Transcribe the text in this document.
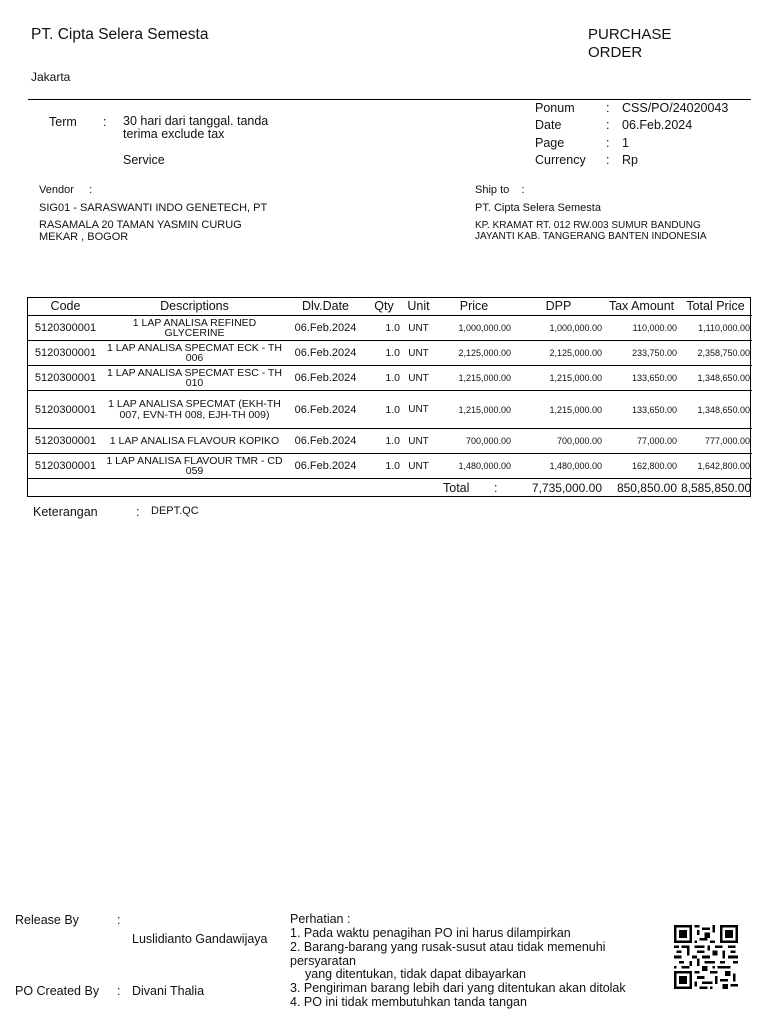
PT. Cipta Selera Semesta	PURCHASE ORDER
Jakarta
Term : 30 hari dari tanggal. tanda terima exclude tax
Service
Ponum	: CSS/PO/24020043
Date	: 06.Feb.2024
Page	: 1
Currency : Rp
Vendor     :
SIG01 - SARASWANTI INDO GENETECH, PT
RASAMALA 20 TAMAN YASMIN CURUG MEKAR , BOGOR
Ship to    :
PT. Cipta Selera Semesta
KP. KRAMAT RT. 012 RW.003 SUMUR BANDUNG JAYANTI KAB. TANGERANG BANTEN INDONESIA
Code	Descriptions	Dlv.Date	Qty	Unit	Price	DPP	Tax Amount	Total Price
5120300001	1 LAP ANALISA REFINED GLYCERINE	06.Feb.2024	1.0	UNT	1,000,000.00	1,000,000.00	110,000.00	1,110,000.00
5120300001	1 LAP ANALISA SPECMAT ECK - TH 006	06.Feb.2024	1.0	UNT	2,125,000.00	2,125,000.00	233,750.00	2,358,750.00
5120300001	1 LAP ANALISA SPECMAT ESC - TH 010	06.Feb.2024	1.0	UNT	1,215,000.00	1,215,000.00	133,650.00	1,348,650.00
5120300001	1 LAP ANALISA SPECMAT (EKH-TH 007, EVN-TH 008, EJH-TH 009)	06.Feb.2024	1.0	UNT	1,215,000.00	1,215,000.00	133,650.00	1,348,650.00
5120300001	1 LAP ANALISA FLAVOUR KOPIKO	06.Feb.2024	1.0	UNT	700,000.00	700,000.00	77,000.00	777,000.00
5120300001	1 LAP ANALISA FLAVOUR TMR - CD 059	06.Feb.2024	1.0	UNT	1,480,000.00	1,480,000.00	162,800.00	1,642,800.00
					Total :	7,735,000.00	850,850.00	8,585,850.00
Keterangan	: DEPT.QC
Release By	:
Luslidianto Gandawijaya
PO Created By : Divani Thalia
Perhatian :
1. Pada waktu penagihan PO ini harus dilampirkan
2. Barang-barang yang rusak-susut atau tidak memenuhi persyaratan
yang ditentukan, tidak dapat dibayarkan
3. Pengiriman barang lebih dari yang ditentukan akan ditolak
4. PO ini tidak membutuhkan tanda tangan
